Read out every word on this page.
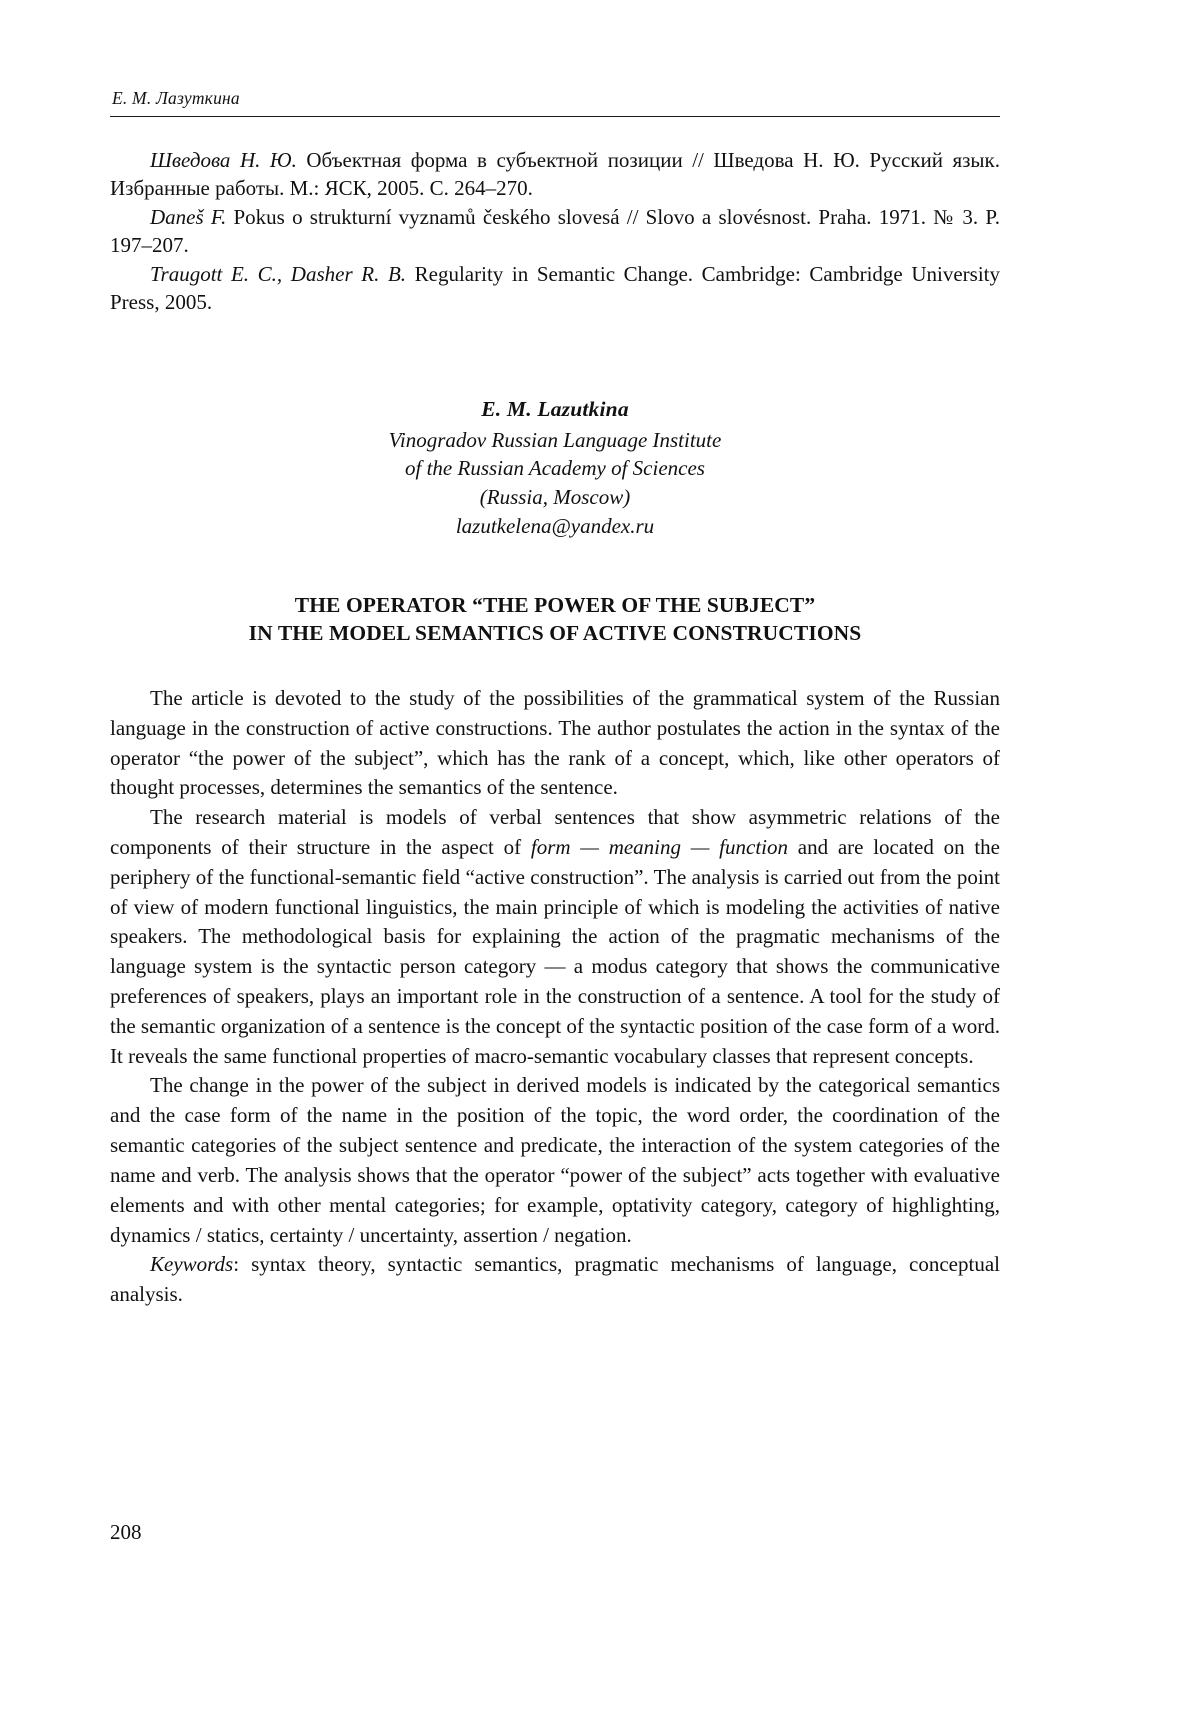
Е. М. Лазуткина
Шведова Н. Ю. Объектная форма в субъектной позиции // Шведова Н. Ю. Русский язык. Избранные работы. М.: ЯСК, 2005. С. 264–270.
Daneš F. Pokus o strukturní vyznamů českého slovesá // Slovo a slovésnost. Praha. 1971. № 3. P. 197–207.
Traugott E. C., Dasher R. B. Regularity in Semantic Change. Cambridge: Cambridge University Press, 2005.
E. M. Lazutkina
Vinogradov Russian Language Institute
of the Russian Academy of Sciences
(Russia, Moscow)
lazutkelena@yandex.ru
THE OPERATOR “THE POWER OF THE SUBJECT”
IN THE MODEL SEMANTICS OF ACTIVE CONSTRUCTIONS

The article is devoted to the study of the possibilities of the grammatical system of the Russian language in the construction of active constructions. The author postulates the action in the syntax of the operator “the power of the subject”, which has the rank of a concept, which, like other operators of thought processes, determines the semantics of the sentence.

The research material is models of verbal sentences that show asymmetric relations of the components of their structure in the aspect of form — meaning — function and are located on the periphery of the functional-semantic field “active construction”. The analysis is carried out from the point of view of modern functional linguistics, the main principle of which is modeling the activities of native speakers. The methodological basis for explaining the action of the pragmatic mechanisms of the language system is the syntactic person category — a modus category that shows the communicative preferences of speakers, plays an important role in the construction of a sentence. A tool for the study of the semantic organization of a sentence is the concept of the syntactic position of the case form of a word. It reveals the same functional properties of macro-semantic vocabulary classes that represent concepts.

The change in the power of the subject in derived models is indicated by the categorical semantics and the case form of the name in the position of the topic, the word order, the coordination of the semantic categories of the subject sentence and predicate, the interaction of the system categories of the name and verb. The analysis shows that the operator “power of the subject” acts together with evaluative elements and with other mental categories; for example, optativity category, category of highlighting, dynamics / statics, certainty / uncertainty, assertion / negation.

Keywords: syntax theory, syntactic semantics, pragmatic mechanisms of language, conceptual analysis.

208
